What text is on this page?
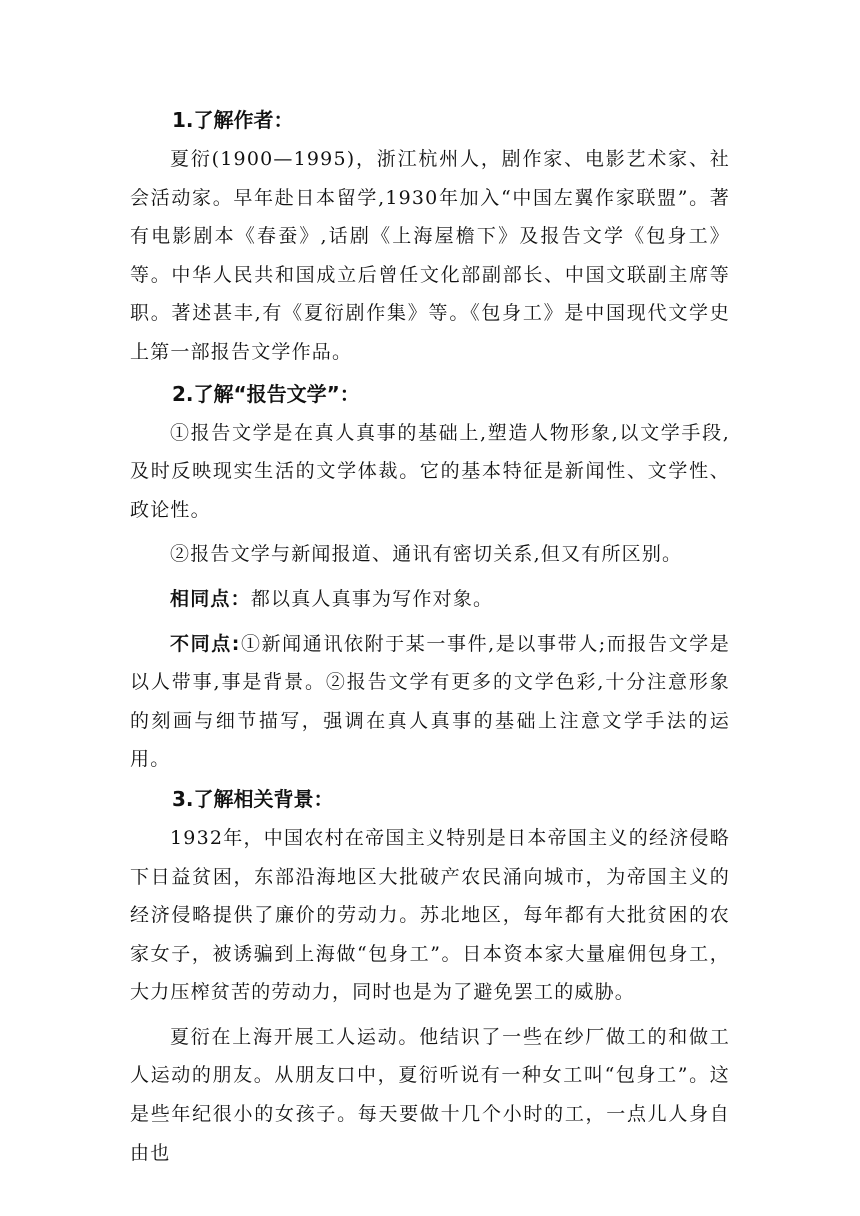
1.了解作者：

夏衍(1900—1995)，浙江杭州人，剧作家、电影艺术家、社会活动家。早年赴日本留学,1930年加入“中国左翼作家联盟”。著有电影剧本《春蚕》,话剧《上海屋檐下》及报告文学《包身工》等。中华人民共和国成立后曾任文化部副部长、中国文联副主席等职。著述甚丰,有《夏衍剧作集》等。《包身工》是中国现代文学史上第一部报告文学作品。

2.了解“报告文学”：

①报告文学是在真人真事的基础上,塑造人物形象,以文学手段,及时反映现实生活的文学体裁。它的基本特征是新闻性、文学性、政论性。

②报告文学与新闻报道、通讯有密切关系,但又有所区别。

相同点：都以真人真事为写作对象。

不同点:①新闻通讯依附于某一事件,是以事带人;而报告文学是以人带事,事是背景。②报告文学有更多的文学色彩,十分注意形象的刻画与细节描写，强调在真人真事的基础上注意文学手法的运用。

3.了解相关背景：

1932年，中国农村在帝国主义特别是日本帝国主义的经济侵略下日益贫困，东部沿海地区大批破产农民涌向城市，为帝国主义的经济侵略提供了廉价的劳动力。苏北地区，每年都有大批贫困的农家女子，被诱骗到上海做“包身工”。日本资本家大量雇佣包身工，大力压榨贫苦的劳动力，同时也是为了避免罢工的威胁。

夏衍在上海开展工人运动。他结识了一些在纱厂做工的和做工人运动的朋友。从朋友口中，夏衍听说有一种女工叫“包身工”。这是些年纪很小的女孩子。每天要做十几个小时的工，一点儿人身自由也
